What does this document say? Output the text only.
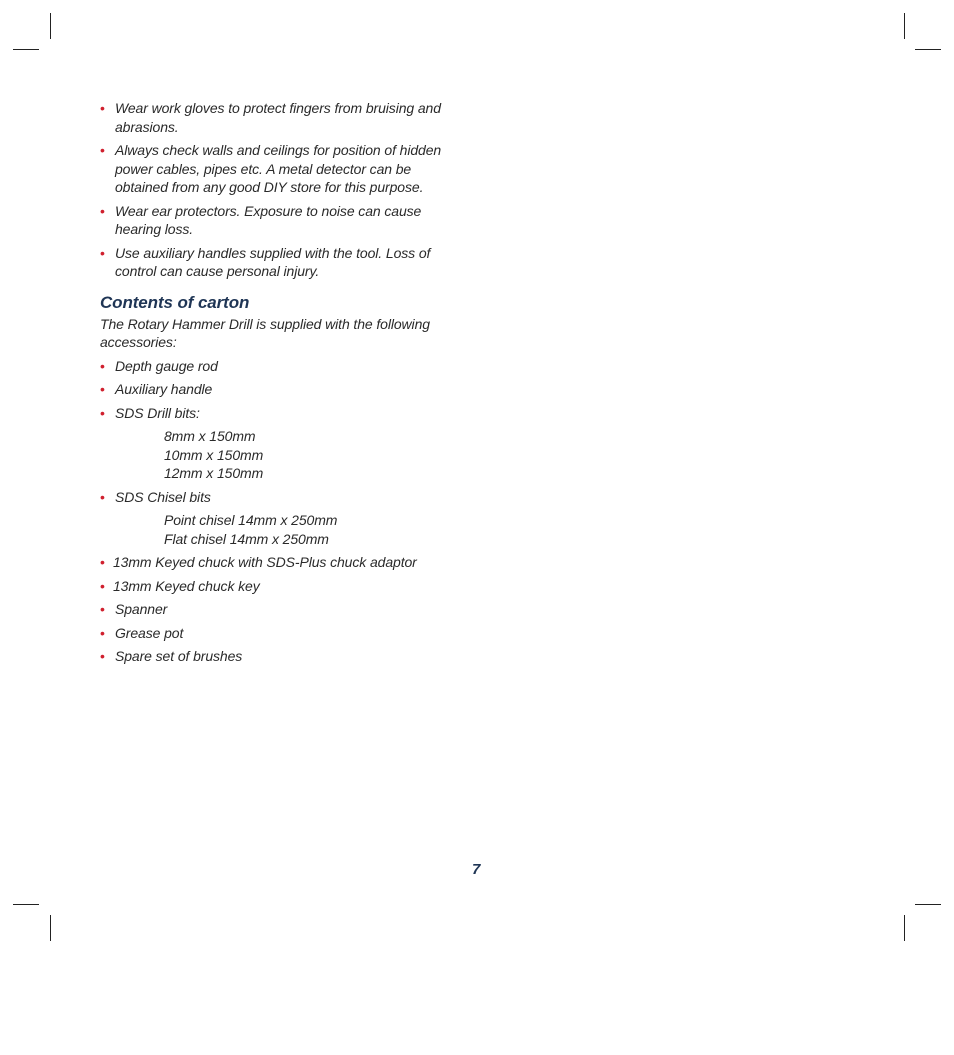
• Wear work gloves to protect fingers from bruising and abrasions.
• Always check walls and ceilings for position of hidden power cables, pipes etc. A metal detector can be obtained from any good DIY store for this purpose.
• Wear ear protectors. Exposure to noise can cause hearing loss.
• Use auxiliary handles supplied with the tool. Loss of control can cause personal injury.
Contents of carton
The Rotary Hammer Drill is supplied with the following accessories:
• Depth gauge rod
• Auxiliary handle
• SDS Drill bits:
8mm x 150mm
10mm x 150mm
12mm x 150mm
• SDS Chisel bits
Point chisel 14mm x 250mm
Flat chisel 14mm x 250mm
• 13mm Keyed chuck with SDS-Plus chuck adaptor
• 13mm Keyed chuck key
• Spanner
• Grease pot
• Spare set of brushes
7
